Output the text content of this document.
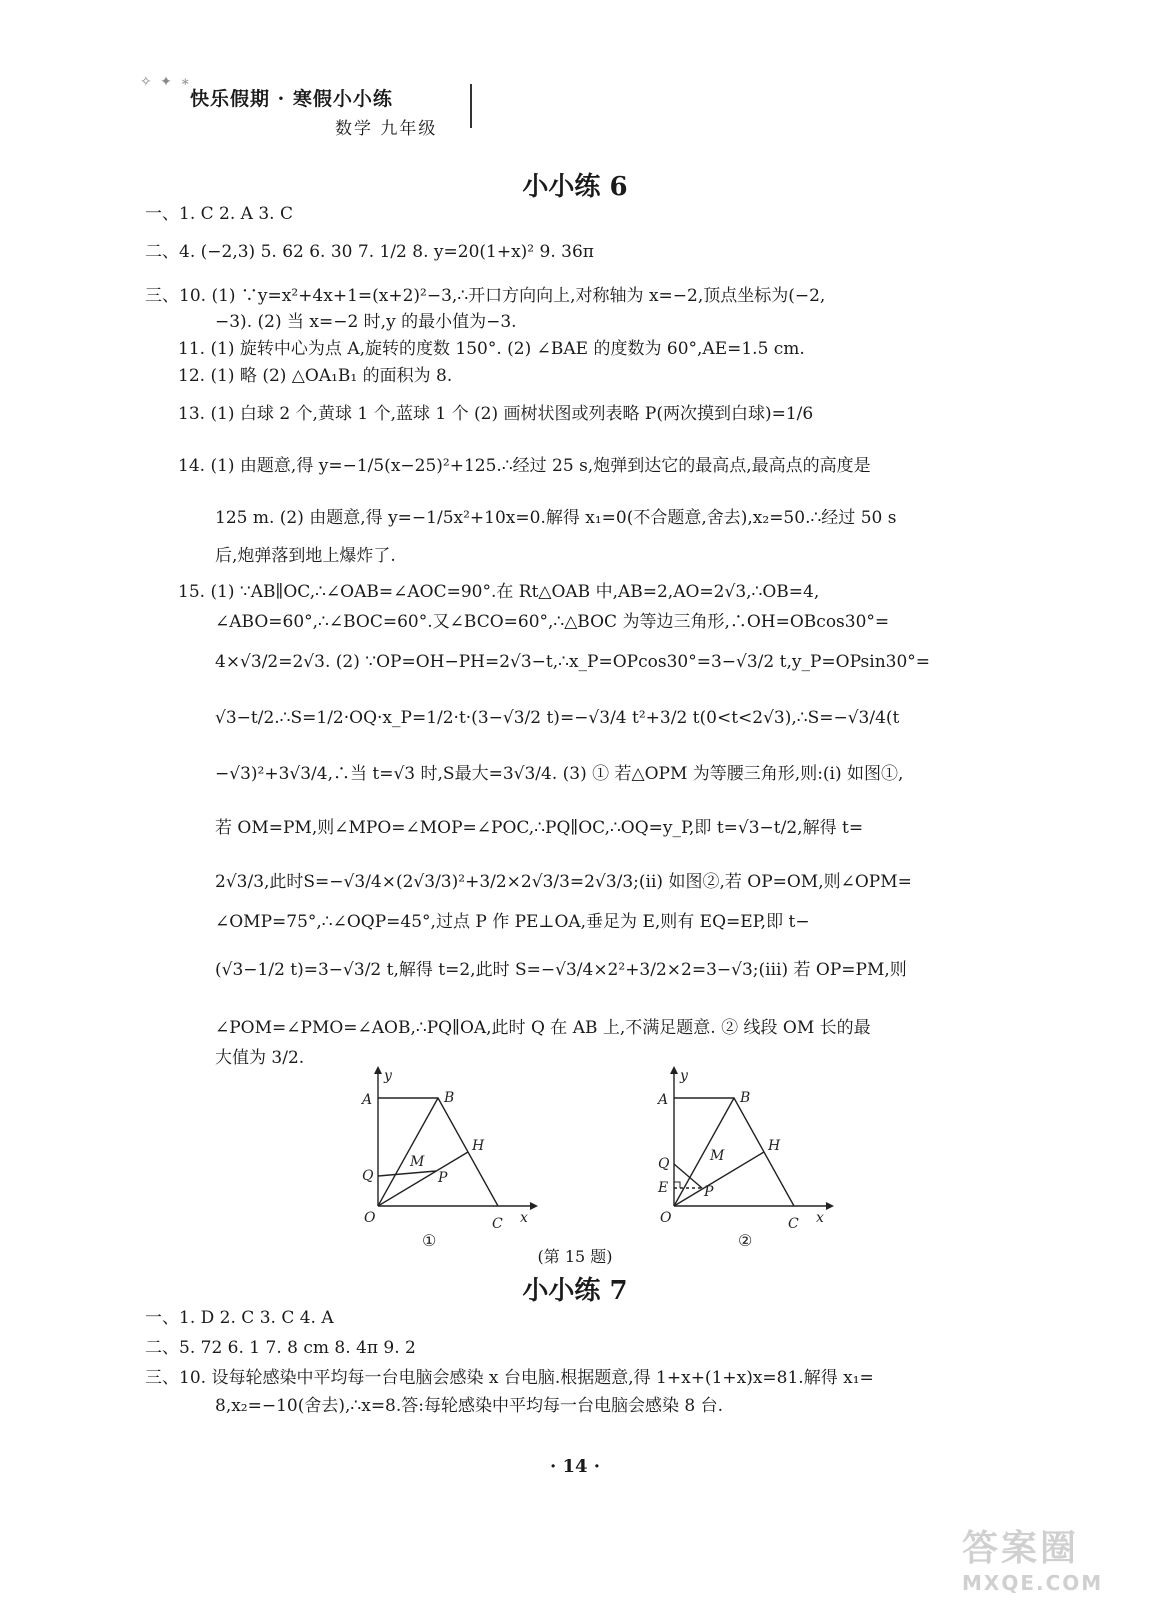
✧ ✦ ∗
快乐假期 · 寒假小小练
数学 九年级
小小练 6
一、1. C 2. A 3. C
二、4. (−2,3) 5. 62 6. 30 7. 1/2 8. y=20(1+x)² 9. 36π
三、10. (1) ∵y=x²+4x+1=(x+2)²−3,∴开口方向向上,对称轴为 x=−2,顶点坐标为(−2,
−3). (2) 当 x=−2 时,y 的最小值为−3.
11. (1) 旋转中心为点 A,旋转的度数 150°. (2) ∠BAE 的度数为 60°,AE=1.5 cm.
12. (1) 略 (2) △OA₁B₁ 的面积为 8.
13. (1) 白球 2 个,黄球 1 个,蓝球 1 个 (2) 画树状图或列表略 P(两次摸到白球)=1/6
14. (1) 由题意,得 y=−1/5(x−25)²+125.∴经过 25 s,炮弹到达它的最高点,最高点的高度是
125 m. (2) 由题意,得 y=−1/5x²+10x=0.解得 x₁=0(不合题意,舍去),x₂=50.∴经过 50 s
后,炮弹落到地上爆炸了.
15. (1) ∵AB∥OC,∴∠OAB=∠AOC=90°.在 Rt△OAB 中,AB=2,AO=2√3,∴OB=4,
∠ABO=60°,∴∠BOC=60°.又∠BCO=60°,∴△BOC 为等边三角形,∴OH=OBcos30°=
4×√3/2=2√3. (2) ∵OP=OH−PH=2√3−t,∴x_P=OPcos30°=3−√3/2 t,y_P=OPsin30°=
√3−t/2.∴S=1/2·OQ·x_P=1/2·t·(3−√3/2 t)=−√3/4 t²+3/2 t(0<t<2√3),∴S=−√3/4(t
−√3)²+3√3/4,∴当 t=√3 时,S最大=3√3/4. (3) ① 若△OPM 为等腰三角形,则:(i) 如图①,
若 OM=PM,则∠MPO=∠MOP=∠POC,∴PQ∥OC,∴OQ=y_P,即 t=√3−t/2,解得 t=
2√3/3,此时S=−√3/4×(2√3/3)²+3/2×2√3/3=2√3/3;(ii) 如图②,若 OP=OM,则∠OPM=
∠OMP=75°,∴∠OQP=45°,过点 P 作 PE⊥OA,垂足为 E,则有 EQ=EP,即 t−
(√3−1/2 t)=3−√3/2 t,解得 t=2,此时 S=−√3/4×2²+3/2×2=3−√3;(iii) 若 OP=PM,则
∠POM=∠PMO=∠AOB,∴PQ∥OA,此时 Q 在 AB 上,不满足题意. ② 线段 OM 长的最
大值为 3/2.
y
A	B
H
M
Q	P
O	C x
①
y
A	B
H
M
Q
P
E
O	C x
②
(第 15 题)
小小练 7
一、1. D 2. C 3. C 4. A
二、5. 72 6. 1 7. 8 cm 8. 4π 9. 2
三、10. 设每轮感染中平均每一台电脑会感染 x 台电脑.根据题意,得 1+x+(1+x)x=81.解得 x₁=
8,x₂=−10(舍去),∴x=8.答:每轮感染中平均每一台电脑会感染 8 台.
· 14 ·
答案圈
MXQE.COM
